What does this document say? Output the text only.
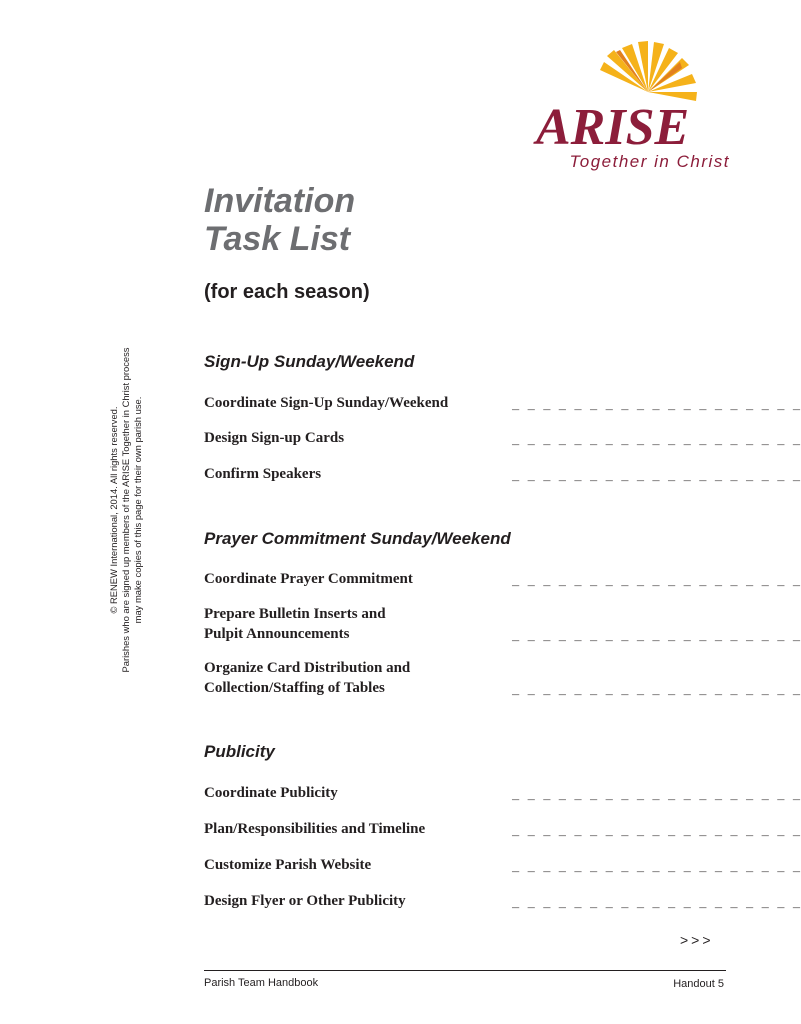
ARISE
Together in Christ
Invitation
Task List

(for each season)

© RENEW International, 2014. All rights reserved. Parishes who are signed up members of the ARISE Together in Christ process may make copies of this page for their own parish use.
Sign-Up Sunday/Weekend
Coordinate Sign-Up Sunday/Weekend	_ _ _ _ _ _ _ _ _ _ _ _ _ _ _ _ _ _ _
Design Sign-up Cards	_ _ _ _ _ _ _ _ _ _ _ _ _ _ _ _ _ _ _
Confirm Speakers	_ _ _ _ _ _ _ _ _ _ _ _ _ _ _ _ _ _ _
Prayer Commitment Sunday/Weekend
Coordinate Prayer Commitment	_ _ _ _ _ _ _ _ _ _ _ _ _ _ _ _ _ _ _
Prepare Bulletin Inserts and
Pulpit Announcements	_ _ _ _ _ _ _ _ _ _ _ _ _ _ _ _ _ _ _
Organize Card Distribution and
Collection/Staffing of Tables	_ _ _ _ _ _ _ _ _ _ _ _ _ _ _ _ _ _ _
Publicity
Coordinate Publicity	_ _ _ _ _ _ _ _ _ _ _ _ _ _ _ _ _ _ _
Plan/Responsibilities and Timeline	_ _ _ _ _ _ _ _ _ _ _ _ _ _ _ _ _ _ _
Customize Parish Website	_ _ _ _ _ _ _ _ _ _ _ _ _ _ _ _ _ _ _
Design Flyer or Other Publicity	_ _ _ _ _ _ _ _ _ _ _ _ _ _ _ _ _ _ _

>>>

Parish Team Handbook	Handout 5
